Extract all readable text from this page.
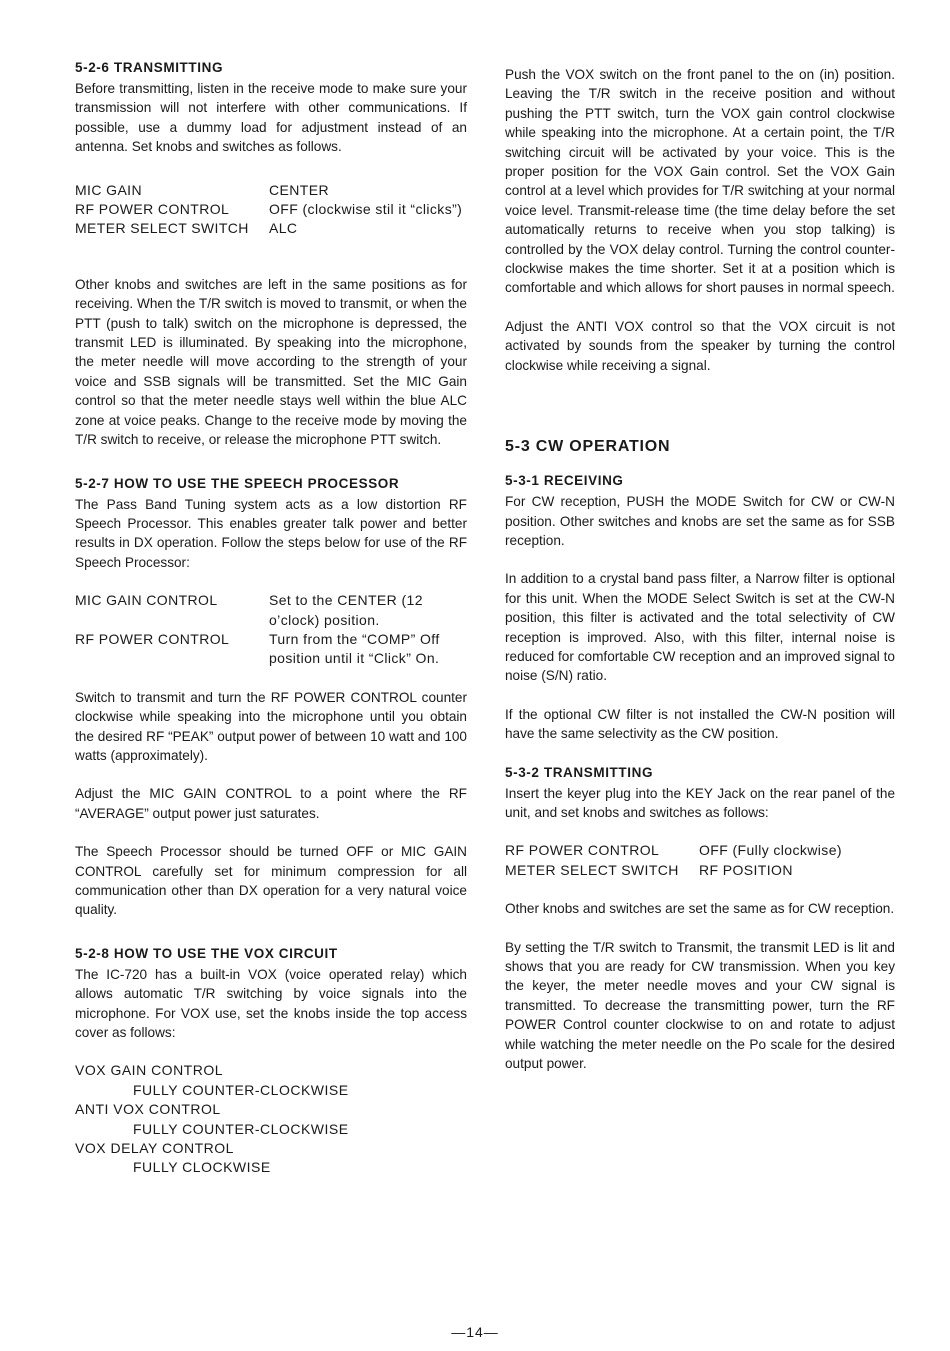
5-2-6 TRANSMITTING

Before transmitting, listen in the receive mode to make sure your transmission will not interfere with other communications. If possible, use a dummy load for adjustment instead of an antenna. Set knobs and switches as follows.

MIC GAIN	CENTER
RF POWER CONTROL	OFF (clockwise stil it “clicks”)
METER SELECT SWITCH	ALC

Other knobs and switches are left in the same positions as for receiving. When the T/R switch is moved to transmit, or when the PTT (push to talk) switch on the microphone is depressed, the transmit LED is illuminated. By speaking into the microphone, the meter needle will move according to the strength of your voice and SSB signals will be transmitted. Set the MIC Gain control so that the meter needle stays well within the blue ALC zone at voice peaks. Change to the receive mode by moving the T/R switch to receive, or release the microphone PTT switch.

5-2-7 HOW TO USE THE SPEECH PROCESSOR

The Pass Band Tuning system acts as a low distortion RF Speech Processor. This enables greater talk power and better results in DX operation. Follow the steps below for use of the RF Speech Processor:

MIC GAIN CONTROL	Set to the CENTER (12 o’clock) position.
RF POWER CONTROL	Turn from the “COMP” Off position until it “Click” On.

Switch to transmit and turn the RF POWER CONTROL counter clockwise while speaking into the microphone until you obtain the desired RF “PEAK” output power of between 10 watt and 100 watts (approximately).

Adjust the MIC GAIN CONTROL to a point where the RF “AVERAGE” output power just saturates.

The Speech Processor should be turned OFF or MIC GAIN CONTROL carefully set for minimum compression for all communication other than DX operation for a very natural voice quality.

5-2-8 HOW TO USE THE VOX CIRCUIT

The IC-720 has a built-in VOX (voice operated relay) which allows automatic T/R switching by voice signals into the microphone. For VOX use, set the knobs inside the top access cover as follows:

VOX GAIN CONTROL
FULLY COUNTER-CLOCKWISE
ANTI VOX CONTROL
FULLY COUNTER-CLOCKWISE
VOX DELAY CONTROL
FULLY CLOCKWISE

Push the VOX switch on the front panel to the on (in) position. Leaving the T/R switch in the receive position and without pushing the PTT switch, turn the VOX gain control clockwise while speaking into the microphone. At a certain point, the T/R switching circuit will be activated by your voice. This is the proper position for the VOX Gain control. Set the VOX Gain control at a level which provides for T/R switching at your normal voice level. Transmit-release time (the time delay before the set automatically returns to receive when you stop talking) is controlled by the VOX delay control. Turning the control counter-clockwise makes the time shorter. Set it at a position which is comfortable and which allows for short pauses in normal speech.

Adjust the ANTI VOX control so that the VOX circuit is not activated by sounds from the speaker by turning the control clockwise while receiving a signal.

5-3 CW OPERATION
5-3-1 RECEIVING

For CW reception, PUSH the MODE Switch for CW or CW-N position. Other switches and knobs are set the same as for SSB reception.

In addition to a crystal band pass filter, a Narrow filter is optional for this unit. When the MODE Select Switch is set at the CW-N position, this filter is activated and the total selectivity of CW reception is improved. Also, with this filter, internal noise is reduced for comfortable CW reception and an improved signal to noise (S/N) ratio.

If the optional CW filter is not installed the CW-N position will have the same selectivity as the CW position.

5-3-2 TRANSMITTING

Insert the keyer plug into the KEY Jack on the rear panel of the unit, and set knobs and switches as follows:

RF POWER CONTROL	OFF (Fully clockwise)
METER SELECT SWITCH	RF POSITION

Other knobs and switches are set the same as for CW reception.

By setting the T/R switch to Transmit, the transmit LED is lit and shows that you are ready for CW transmission. When you key the keyer, the meter needle moves and your CW signal is transmitted. To decrease the transmitting power, turn the RF POWER Control counter clockwise to on and rotate to adjust while watching the meter needle on the Po scale for the desired output power.

—14—
